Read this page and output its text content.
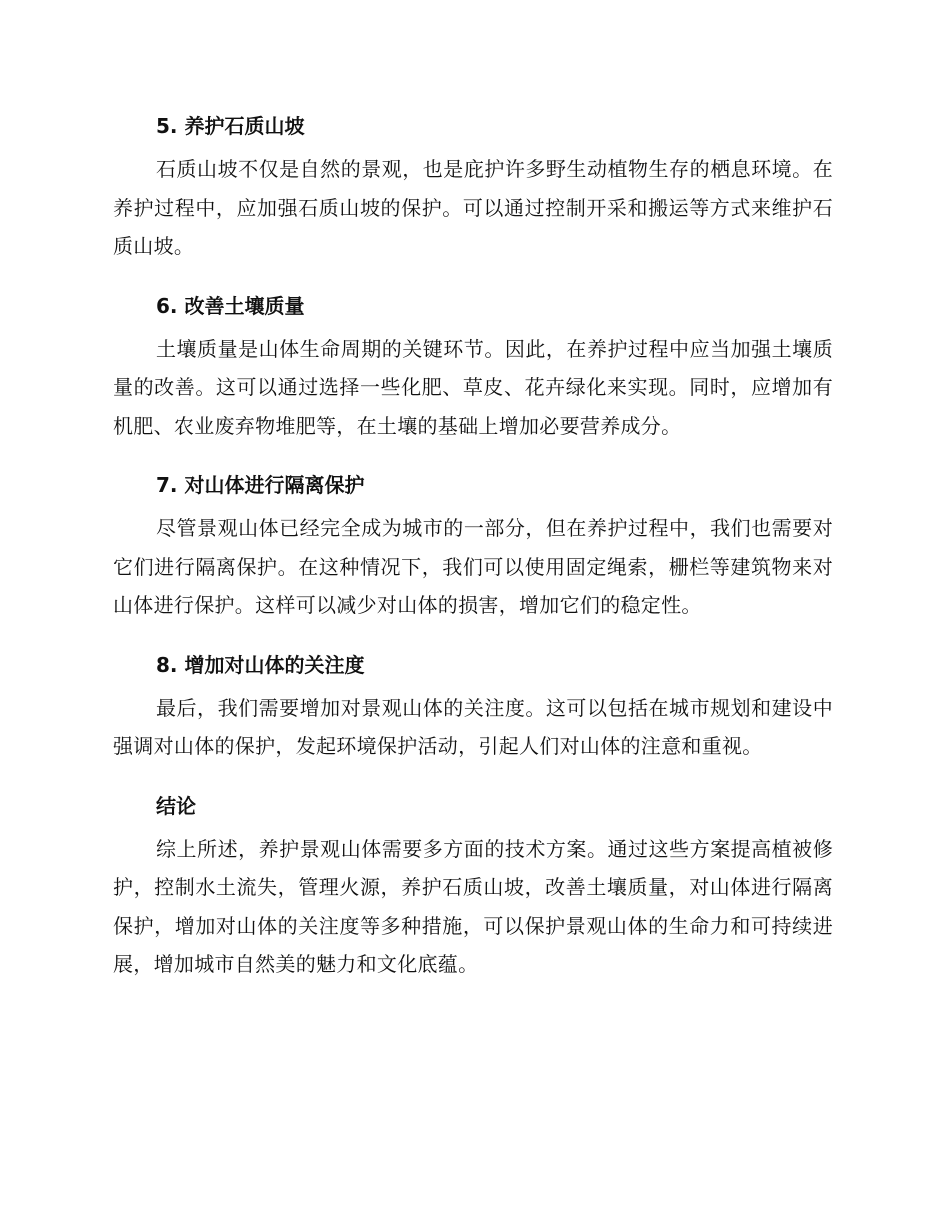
5. 养护石质山坡

石质山坡不仅是自然的景观，也是庇护许多野生动植物生存的栖息环境。在养护过程中，应加强石质山坡的保护。可以通过控制开采和搬运等方式来维护石质山坡。

6. 改善土壤质量

土壤质量是山体生命周期的关键环节。因此，在养护过程中应当加强土壤质量的改善。这可以通过选择一些化肥、草皮、花卉绿化来实现。同时，应增加有机肥、农业废弃物堆肥等，在土壤的基础上增加必要营养成分。

7. 对山体进行隔离保护

尽管景观山体已经完全成为城市的一部分，但在养护过程中，我们也需要对它们进行隔离保护。在这种情况下，我们可以使用固定绳索，栅栏等建筑物来对山体进行保护。这样可以减少对山体的损害，增加它们的稳定性。

8. 增加对山体的关注度

最后，我们需要增加对景观山体的关注度。这可以包括在城市规划和建设中强调对山体的保护，发起环境保护活动，引起人们对山体的注意和重视。

结论

综上所述，养护景观山体需要多方面的技术方案。通过这些方案提高植被修护，控制水土流失，管理火源，养护石质山坡，改善土壤质量，对山体进行隔离保护，增加对山体的关注度等多种措施，可以保护景观山体的生命力和可持续进展，增加城市自然美的魅力和文化底蕴。
